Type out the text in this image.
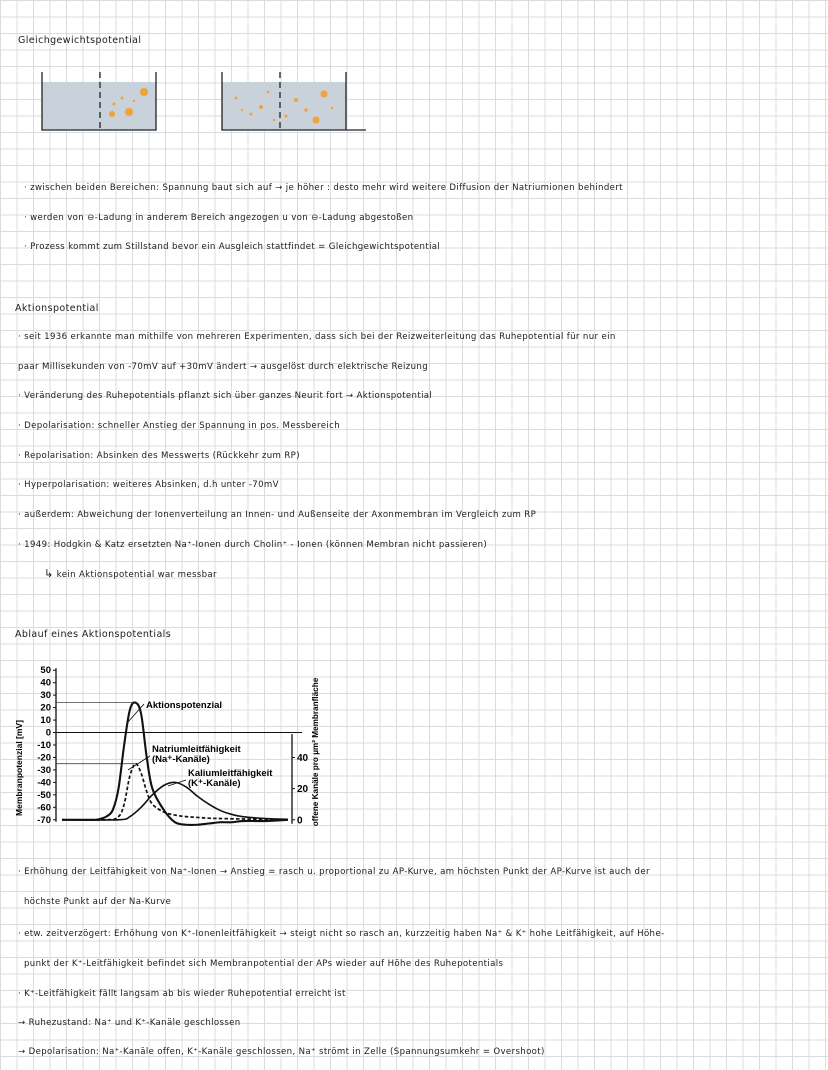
Gleichgewichtspotential
· zwischen beiden Bereichen: Spannung baut sich auf → je höher : desto mehr wird weitere Diffusion der Natriumionen behindert
· werden von ⊖-Ladung in anderem Bereich angezogen u von ⊖-Ladung abgestoßen
· Prozess kommt zum Stillstand bevor ein Ausgleich stattfindet = Gleichgewichtspotential
Aktionspotential
· seit 1936 erkannte man mithilfe von mehreren Experimenten, dass sich bei der Reizweiterleitung das Ruhepotential für nur ein
paar Millisekunden von -70mV auf +30mV ändert → ausgelöst durch elektrische Reizung
· Veränderung des Ruhepotentials pflanzt sich über ganzes Neurit fort → Aktionspotential
· Depolarisation: schneller Anstieg der Spannung in pos. Messbereich
· Repolarisation: Absinken des Messwerts (Rückkehr zum RP)
· Hyperpolarisation: weiteres Absinken, d.h unter -70mV
· außerdem: Abweichung der Ionenverteilung an Innen- und Außenseite der Axonmembran im Vergleich zum RP
· 1949: Hodgkin & Katz ersetzten Na⁺-Ionen durch Cholin⁺ - Ionen (können Membran nicht passieren)
↳ kein Aktionspotential war messbar
Ablauf eines Aktionspotentials
Membranpotenzial [mV]	offene Kanäle pro µm² Membranfläche
50
40
30
20
10
0
-10
-20
-30
-40
-50
-60
-70
40
20
0
Aktionspotenzial
Natriumleitfähigkeit
(Na⁺-Kanäle)
Kaliumleitfähigkeit
(K⁺-Kanäle)
· Erhöhung der Leitfähigkeit von Na⁺-Ionen → Anstieg = rasch u. proportional zu AP-Kurve, am höchsten Punkt der AP-Kurve ist auch der
höchste Punkt auf der Na-Kurve
· etw. zeitverzögert: Erhöhung von K⁺-Ionenleitfähigkeit → steigt nicht so rasch an, kurzzeitig haben Na⁺ & K⁺ hohe Leitfähigkeit, auf Höhe-
punkt der K⁺-Leitfähigkeit befindet sich Membranpotential der APs wieder auf Höhe des Ruhepotentials
· K⁺-Leitfähigkeit fällt langsam ab bis wieder Ruhepotential erreicht ist
→ Ruhezustand: Na⁺ und K⁺-Kanäle geschlossen
→ Depolarisation: Na⁺-Kanäle offen, K⁺-Kanäle geschlossen, Na⁺ strömt in Zelle (Spannungsumkehr = Overshoot)
